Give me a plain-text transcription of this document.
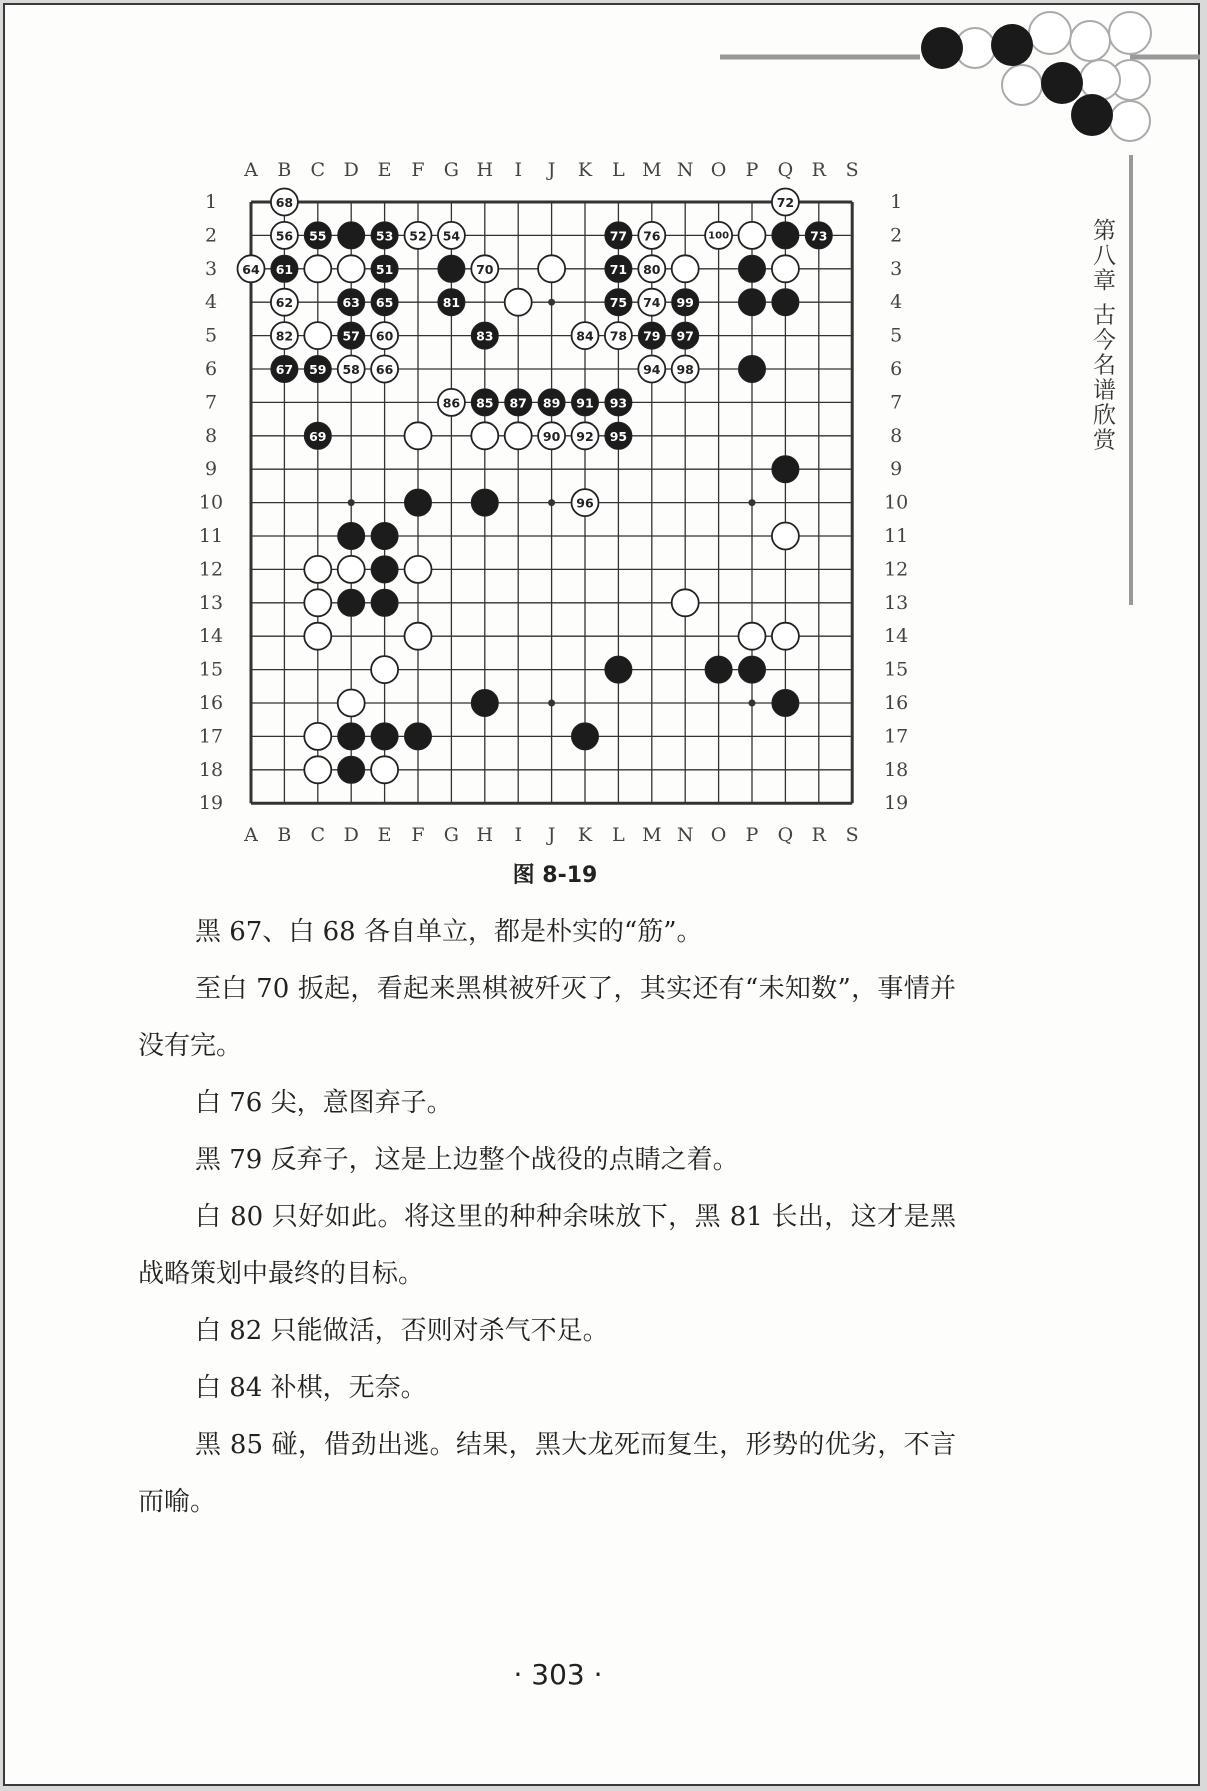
第八章 古今名谱欣赏
A
A
B
B
C
C
D
D
E
E
F
F
G
G
H
H
I
I
J
J
K
K
L
L
M
M
N
N
O
O
P
P
Q
Q
R
R
S
S
1	1
2	2
3	3
4	4
5	5
6	6
7	7
8	8
9	9
10	10
11	11
12	12
13	13
14	14
15	15
16	16
17	17
18	18
19	19
68	72
56 55	53 52 54	77 76	100	73
64 61	51	70	71 80
62	63 65	81	75 74 99
82	57 60	83	84 78 79 97
67 59 58 66	94 98
86 85 87 89 91 93
69	90 92 95
96
图 8-19

黑 67、白 68 各自单立，都是朴实的“筋”。

至白 70 扳起，看起来黑棋被歼灭了，其实还有“未知数”，事情并没有完。

白 76 尖，意图弃子。

黑 79 反弃子，这是上边整个战役的点睛之着。

白 80 只好如此。将这里的种种余味放下，黑 81 长出，这才是黑战略策划中最终的目标。

白 82 只能做活，否则对杀气不足。

白 84 补棋，无奈。

黑 85 碰，借劲出逃。结果，黑大龙死而复生，形势的优劣，不言而喻。

· 303 ·
